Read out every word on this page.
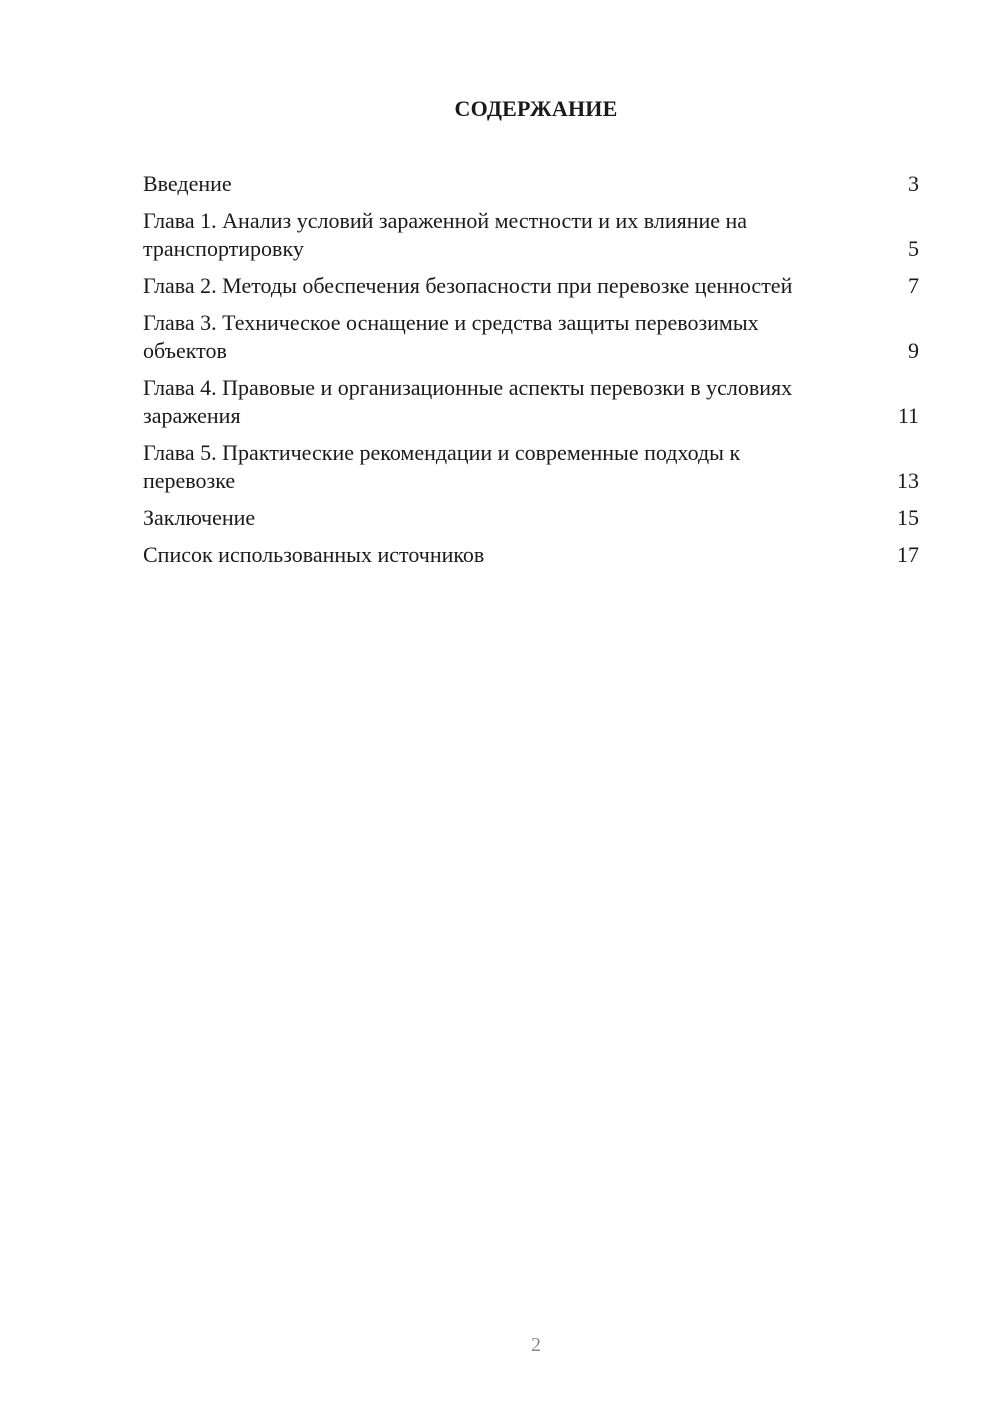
СОДЕРЖАНИЕ
Введение	3
Глава 1. Анализ условий зараженной местности и их влияние на транспортировку	5
Глава 2. Методы обеспечения безопасности при перевозке ценностей	7
Глава 3. Техническое оснащение и средства защиты перевозимых объектов	9
Глава 4. Правовые и организационные аспекты перевозки в условиях заражения	11
Глава 5. Практические рекомендации и современные подходы к перевозке	13
Заключение	15
Список использованных источников	17
2
